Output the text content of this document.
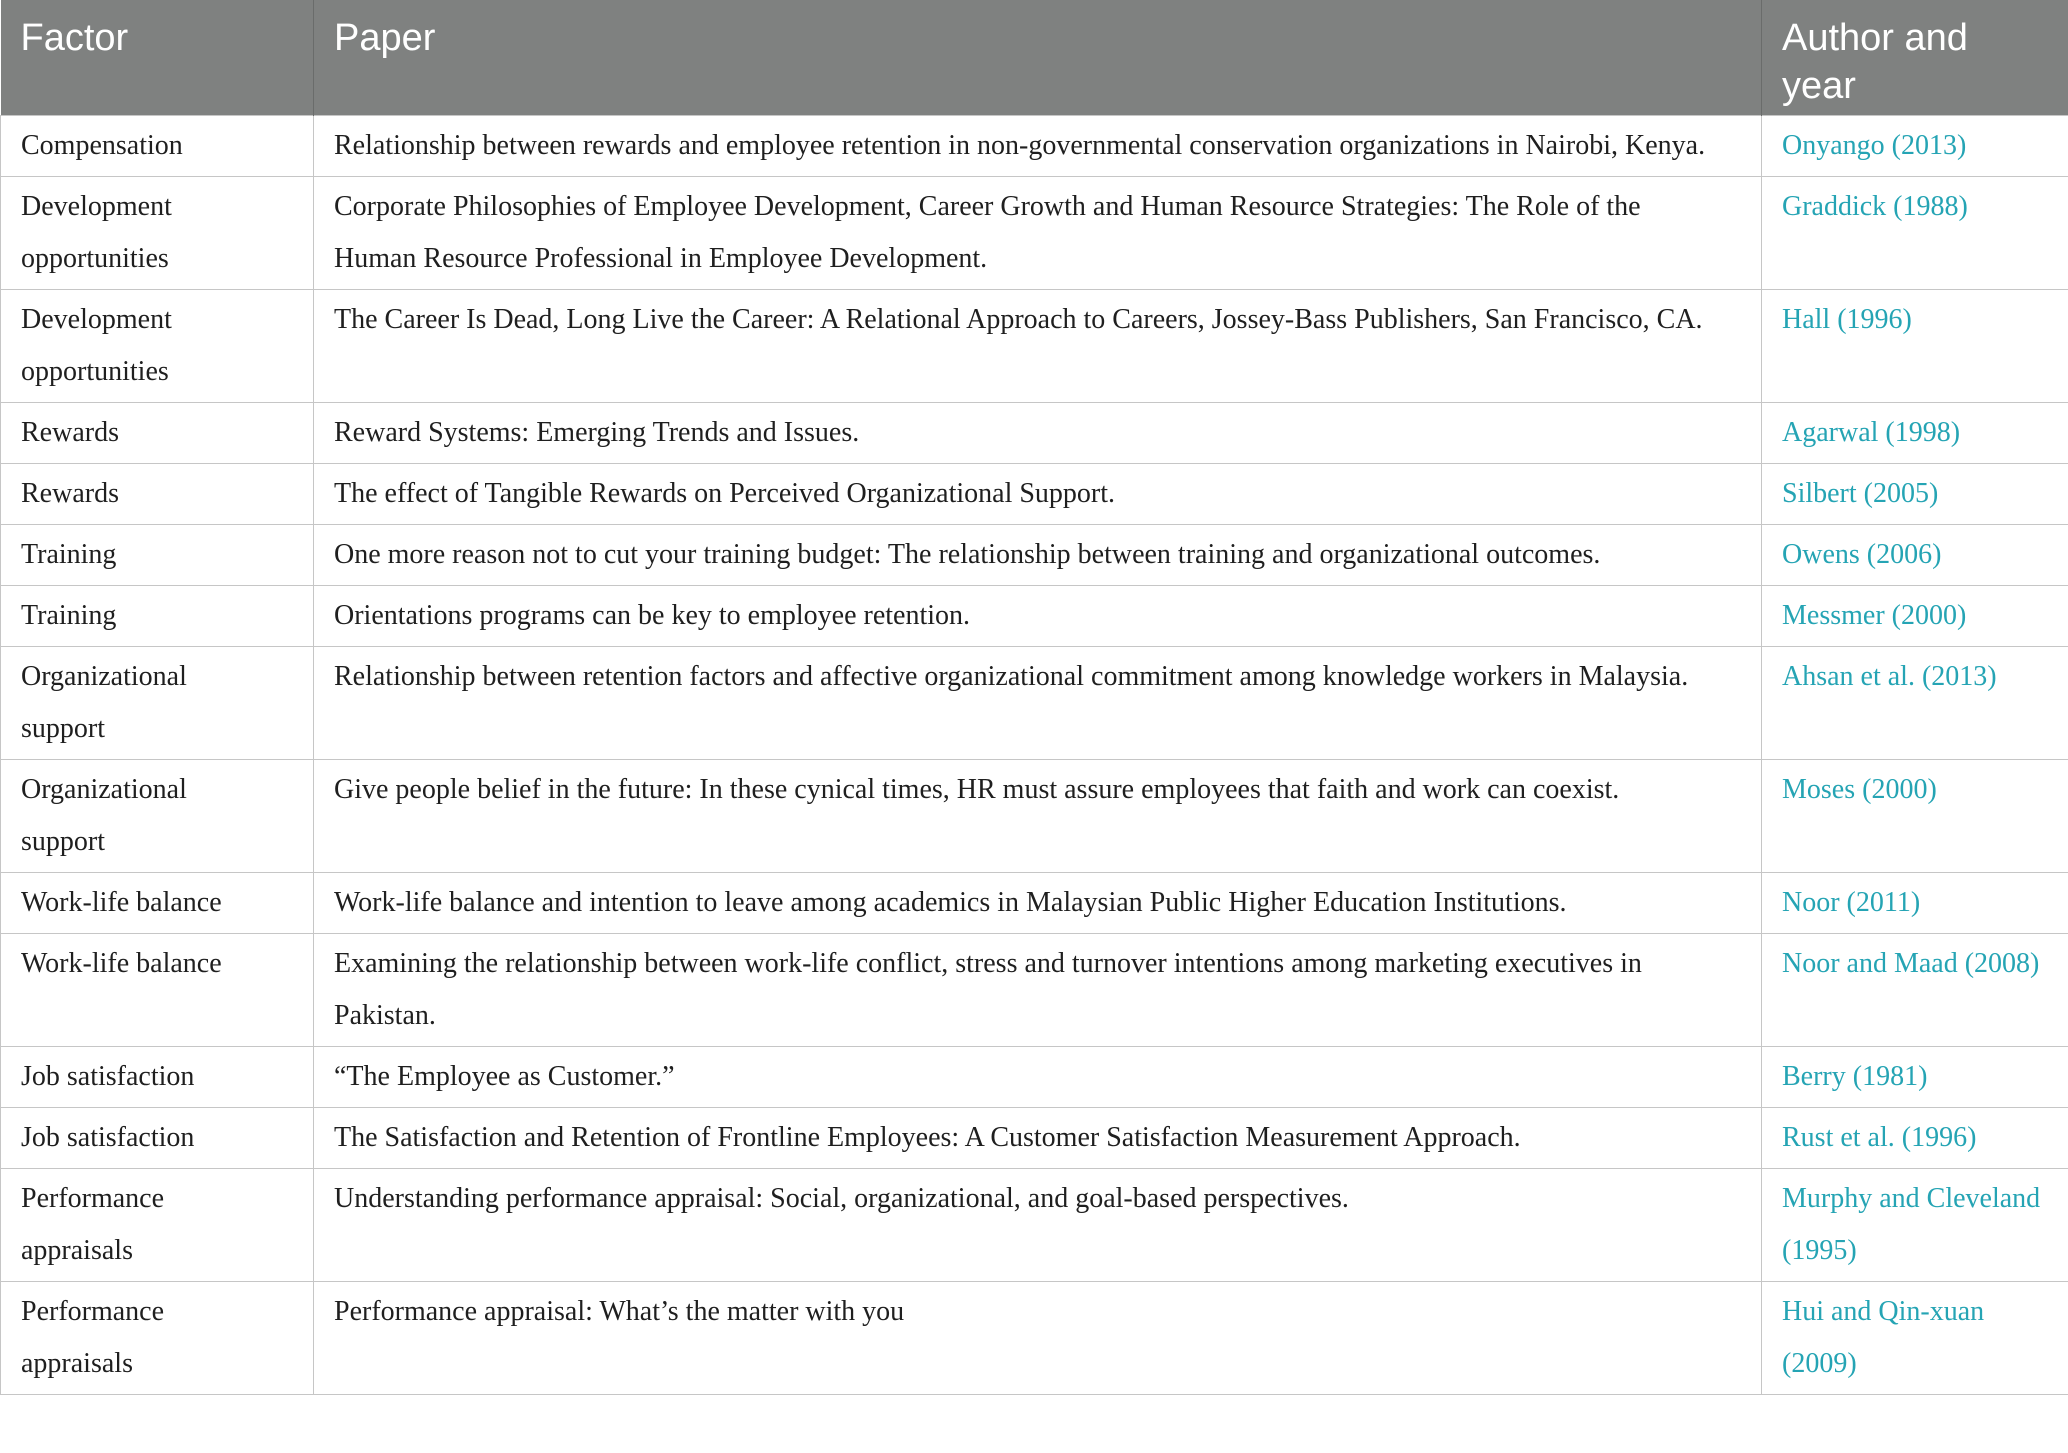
Factor	Paper	Author and year

Compensation	Relationship between rewards and employee retention in non-governmental conservation organizations in Nairobi, Kenya.	Onyango (2013)

Development opportunities	Corporate Philosophies of Employee Development, Career Growth and Human Resource Strategies: The Role of the Human Resource Professional in Employee Development.	Graddick (1988)

Development opportunities	The Career Is Dead, Long Live the Career: A Relational Approach to Careers, Jossey-Bass Publishers, San Francisco, CA.	Hall (1996)

Rewards	Reward Systems: Emerging Trends and Issues.	Agarwal (1998)

Rewards	The effect of Tangible Rewards on Perceived Organizational Support.	Silbert (2005)

Training	One more reason not to cut your training budget: The relationship between training and organizational outcomes.	Owens (2006)

Training	Orientations programs can be key to employee retention.	Messmer (2000)

Organizational support	Relationship between retention factors and affective organizational commitment among knowledge workers in Malaysia.	Ahsan et al. (2013)

Organizational support	Give people belief in the future: In these cynical times, HR must assure employees that faith and work can coexist.	Moses (2000)

Work-life balance	Work-life balance and intention to leave among academics in Malaysian Public Higher Education Institutions.	Noor (2011)

Work-life balance	Examining the relationship between work-life conflict, stress and turnover intentions among marketing executives in Pakistan.	Noor and Maad (2008)

Job satisfaction	“The Employee as Customer.”	Berry (1981)

Job satisfaction	The Satisfaction and Retention of Frontline Employees: A Customer Satisfaction Measurement Approach.	Rust et al. (1996)

Performance appraisals	Understanding performance appraisal: Social, organizational, and goal-based perspectives.	Murphy and Cleveland (1995)

Performance appraisals	Performance appraisal: What’s the matter with you	Hui and Qin-xuan (2009)
